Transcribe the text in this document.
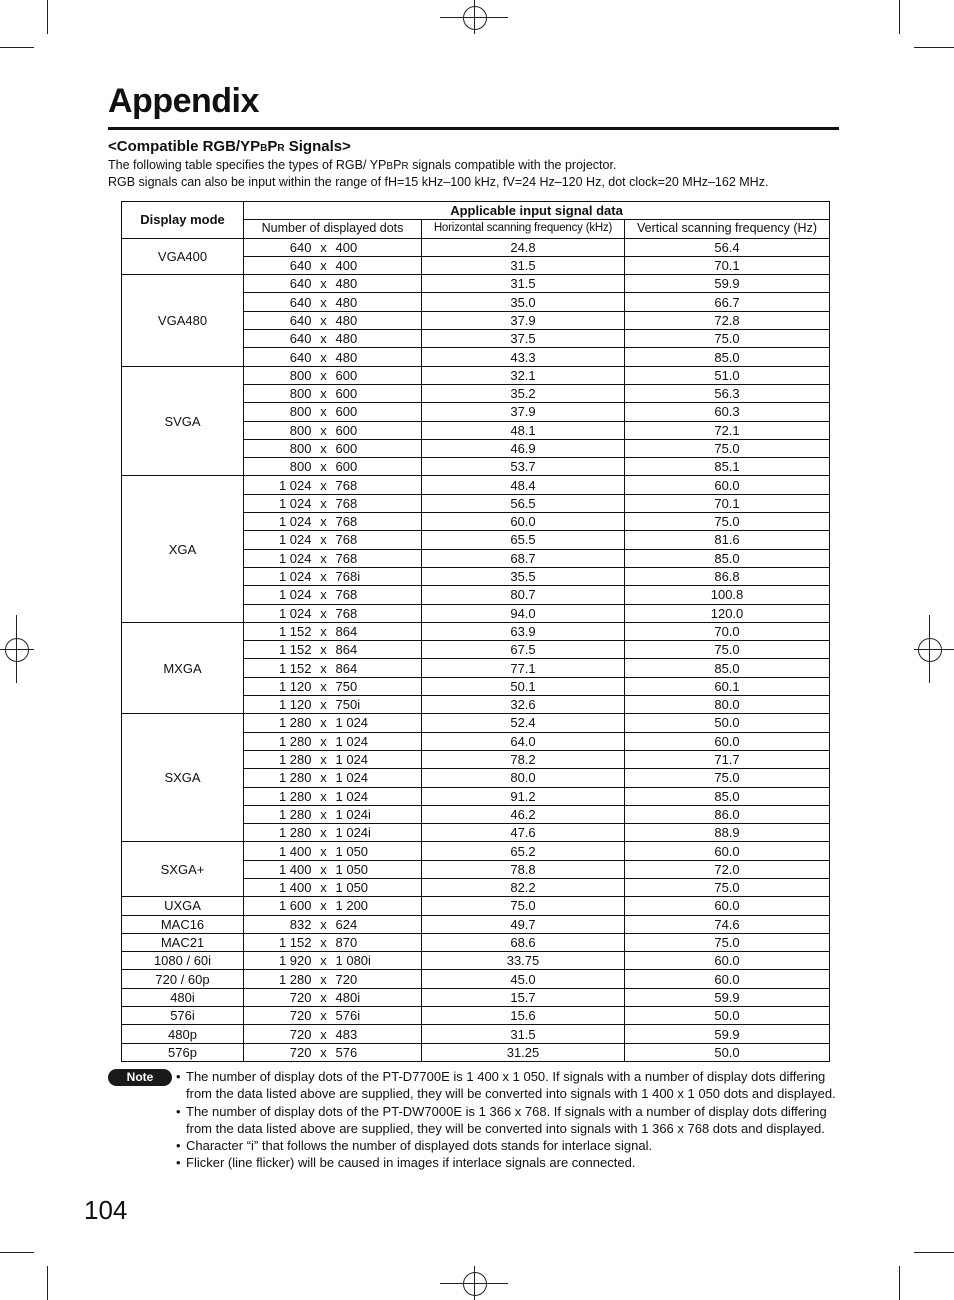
Appendix
<Compatible RGB/YPBPR Signals>
The following table specifies the types of RGB/ YPBPR signals compatible with the projector.
RGB signals can also be input within the range of fH=15 kHz–100 kHz, fV=24 Hz–120 Hz, dot clock=20 MHz–162 MHz.
Display mode	Applicable input signal data		
	Number of displayed dots	Horizontal scanning frequency (kHz)	Vertical scanning frequency (Hz)
VGA400	640 x 400	24.8	56.4
	640 x 400	31.5	70.1
VGA480	640 x 480	31.5	59.9
	640 x 480	35.0	66.7
	640 x 480	37.9	72.8
	640 x 480	37.5	75.0
	640 x 480	43.3	85.0
SVGA	800 x 600	32.1	51.0
	800 x 600	35.2	56.3
	800 x 600	37.9	60.3
	800 x 600	48.1	72.1
	800 x 600	46.9	75.0
	800 x 600	53.7	85.1
XGA	1 024 x 768	48.4	60.0
	1 024 x 768	56.5	70.1
	1 024 x 768	60.0	75.0
	1 024 x 768	65.5	81.6
	1 024 x 768	68.7	85.0
	1 024 x 768i	35.5	86.8
	1 024 x 768	80.7	100.8
	1 024 x 768	94.0	120.0
MXGA	1 152 x 864	63.9	70.0
	1 152 x 864	67.5	75.0
	1 152 x 864	77.1	85.0
	1 120 x 750	50.1	60.1
	1 120 x 750i	32.6	80.0
SXGA	1 280 x 1 024	52.4	50.0
	1 280 x 1 024	64.0	60.0
	1 280 x 1 024	78.2	71.7
	1 280 x 1 024	80.0	75.0
	1 280 x 1 024	91.2	85.0
	1 280 x 1 024i	46.2	86.0
	1 280 x 1 024i	47.6	88.9
SXGA+	1 400 x 1 050	65.2	60.0
	1 400 x 1 050	78.8	72.0
	1 400 x 1 050	82.2	75.0
UXGA	1 600 x 1 200	75.0	60.0
MAC16	832 x 624	49.7	74.6
MAC21	1 152 x 870	68.6	75.0
1080 / 60i	1 920 x 1 080i	33.75	60.0
720 / 60p	1 280 x 720	45.0	60.0
480i	720 x 480i	15.7	59.9
576i	720 x 576i	15.6	50.0
480p	720 x 483	31.5	59.9
576p	720 x 576	31.25	50.0
Note	• The number of display dots of the PT-D7700E is 1 400 x 1 050. If signals with a number of display dots differing from the data listed above are supplied, they will be converted into signals with 1 400 x 1 050 dots and displayed.
• The number of display dots of the PT-DW7000E is 1 366 x 768. If signals with a number of display dots differing from the data listed above are supplied, they will be converted into signals with 1 366 x 768 dots and displayed.
• Character “i” that follows the number of displayed dots stands for interlace signal.
• Flicker (line flicker) will be caused in images if interlace signals are connected.
104
